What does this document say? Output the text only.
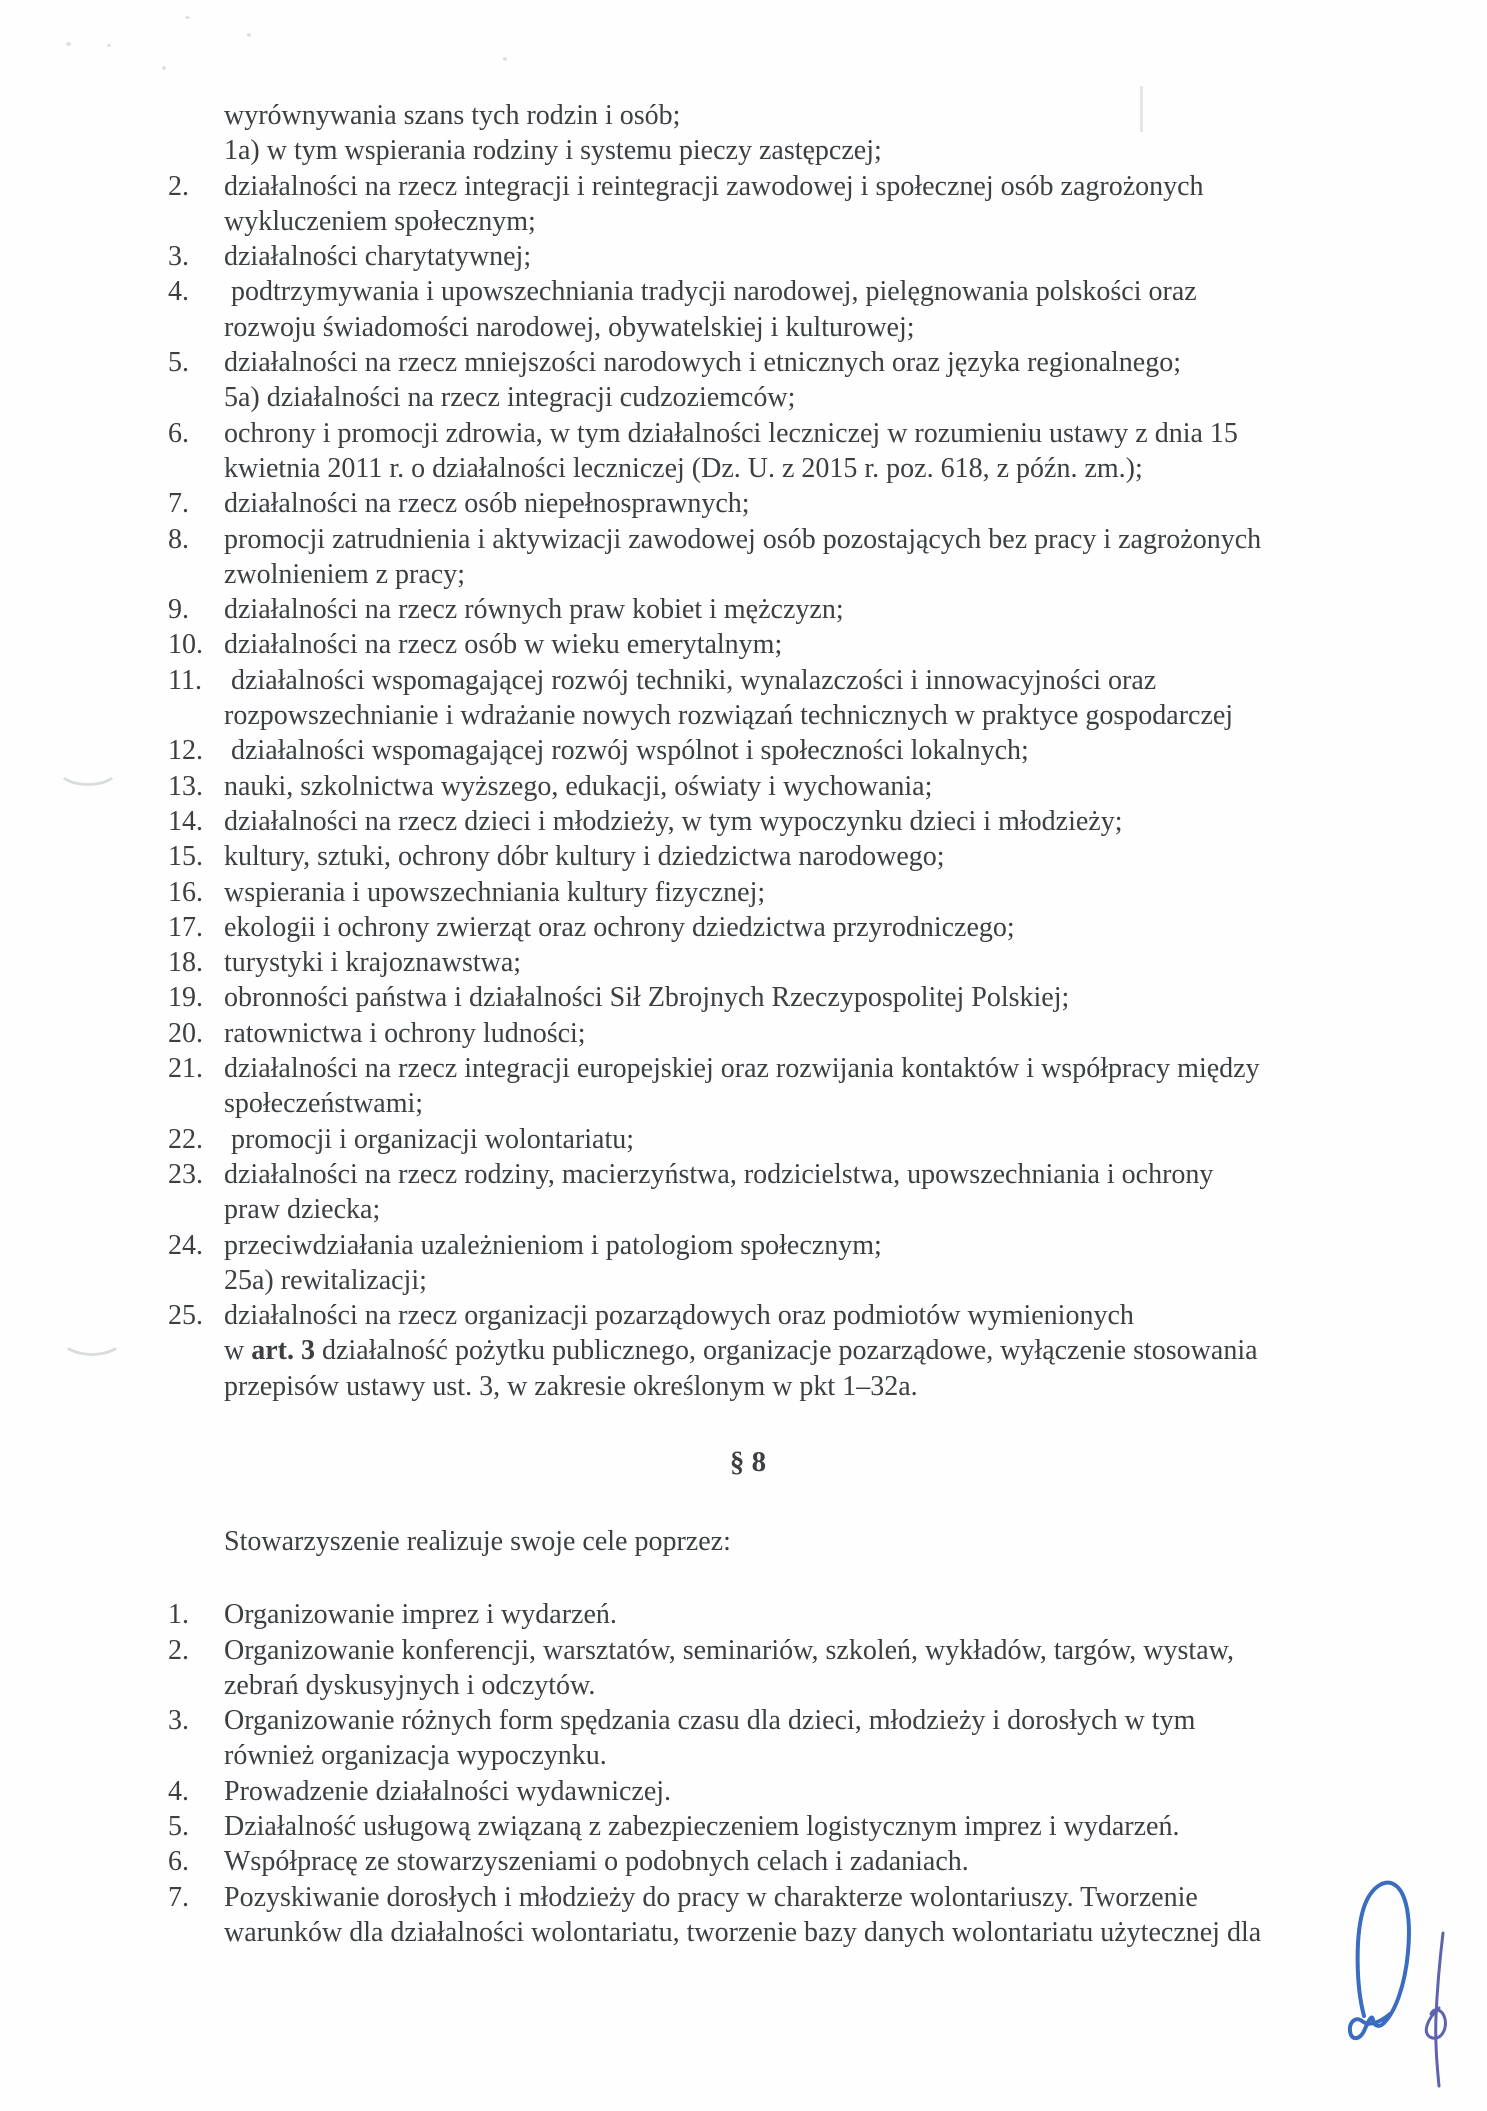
wyrównywania szans tych rodzin i osób;
1a) w tym wspierania rodziny i systemu pieczy zastępczej;
2.	działalności na rzecz integracji i reintegracji zawodowej i społecznej osób zagrożonych
wykluczeniem społecznym;
3.	działalności charytatywnej;
4.	podtrzymywania i upowszechniania tradycji narodowej, pielęgnowania polskości oraz
rozwoju świadomości narodowej, obywatelskiej i kulturowej;
5.	działalności na rzecz mniejszości narodowych i etnicznych oraz języka regionalnego;
5a) działalności na rzecz integracji cudzoziemców;
6.	ochrony i promocji zdrowia, w tym działalności leczniczej w rozumieniu ustawy z dnia 15
kwietnia 2011 r. o działalności leczniczej (Dz. U. z 2015 r. poz. 618, z późn. zm.);
7.	działalności na rzecz osób niepełnosprawnych;
8.	promocji zatrudnienia i aktywizacji zawodowej osób pozostających bez pracy i zagrożonych
zwolnieniem z pracy;
9.	działalności na rzecz równych praw kobiet i mężczyzn;
10. działalności na rzecz osób w wieku emerytalnym;
11. działalności wspomagającej rozwój techniki, wynalazczości i innowacyjności oraz
rozpowszechnianie i wdrażanie nowych rozwiązań technicznych w praktyce gospodarczej
12. działalności wspomagającej rozwój wspólnot i społeczności lokalnych;
13. nauki, szkolnictwa wyższego, edukacji, oświaty i wychowania;
14. działalności na rzecz dzieci i młodzieży, w tym wypoczynku dzieci i młodzieży;
15. kultury, sztuki, ochrony dóbr kultury i dziedzictwa narodowego;
16. wspierania i upowszechniania kultury fizycznej;
17. ekologii i ochrony zwierząt oraz ochrony dziedzictwa przyrodniczego;
18. turystyki i krajoznawstwa;
19. obronności państwa i działalności Sił Zbrojnych Rzeczypospolitej Polskiej;
20. ratownictwa i ochrony ludności;
21. działalności na rzecz integracji europejskiej oraz rozwijania kontaktów i współpracy między
społeczeństwami;
22. promocji i organizacji wolontariatu;
23. działalności na rzecz rodziny, macierzyństwa, rodzicielstwa, upowszechniania i ochrony
praw dziecka;
24. przeciwdziałania uzależnieniom i patologiom społecznym;
25a) rewitalizacji;
25. działalności na rzecz organizacji pozarządowych oraz podmiotów wymienionych
w art. 3 działalność pożytku publicznego, organizacje pozarządowe, wyłączenie stosowania
przepisów ustawy ust. 3, w zakresie określonym w pkt 1–32a.
§ 8
Stowarzyszenie realizuje swoje cele poprzez:
1.	Organizowanie imprez i wydarzeń.
2.	Organizowanie konferencji, warsztatów, seminariów, szkoleń, wykładów, targów, wystaw,
zebrań dyskusyjnych i odczytów.
3.	Organizowanie różnych form spędzania czasu dla dzieci, młodzieży i dorosłych w tym
również organizacja wypoczynku.
4.	Prowadzenie działalności wydawniczej.
5.	Działalność usługową związaną z zabezpieczeniem logistycznym imprez i wydarzeń.
6.	Współpracę ze stowarzyszeniami o podobnych celach i zadaniach.
7.	Pozyskiwanie dorosłych i młodzieży do pracy w charakterze wolontariuszy. Tworzenie
warunków dla działalności wolontariatu, tworzenie bazy danych wolontariatu użytecznej dla
